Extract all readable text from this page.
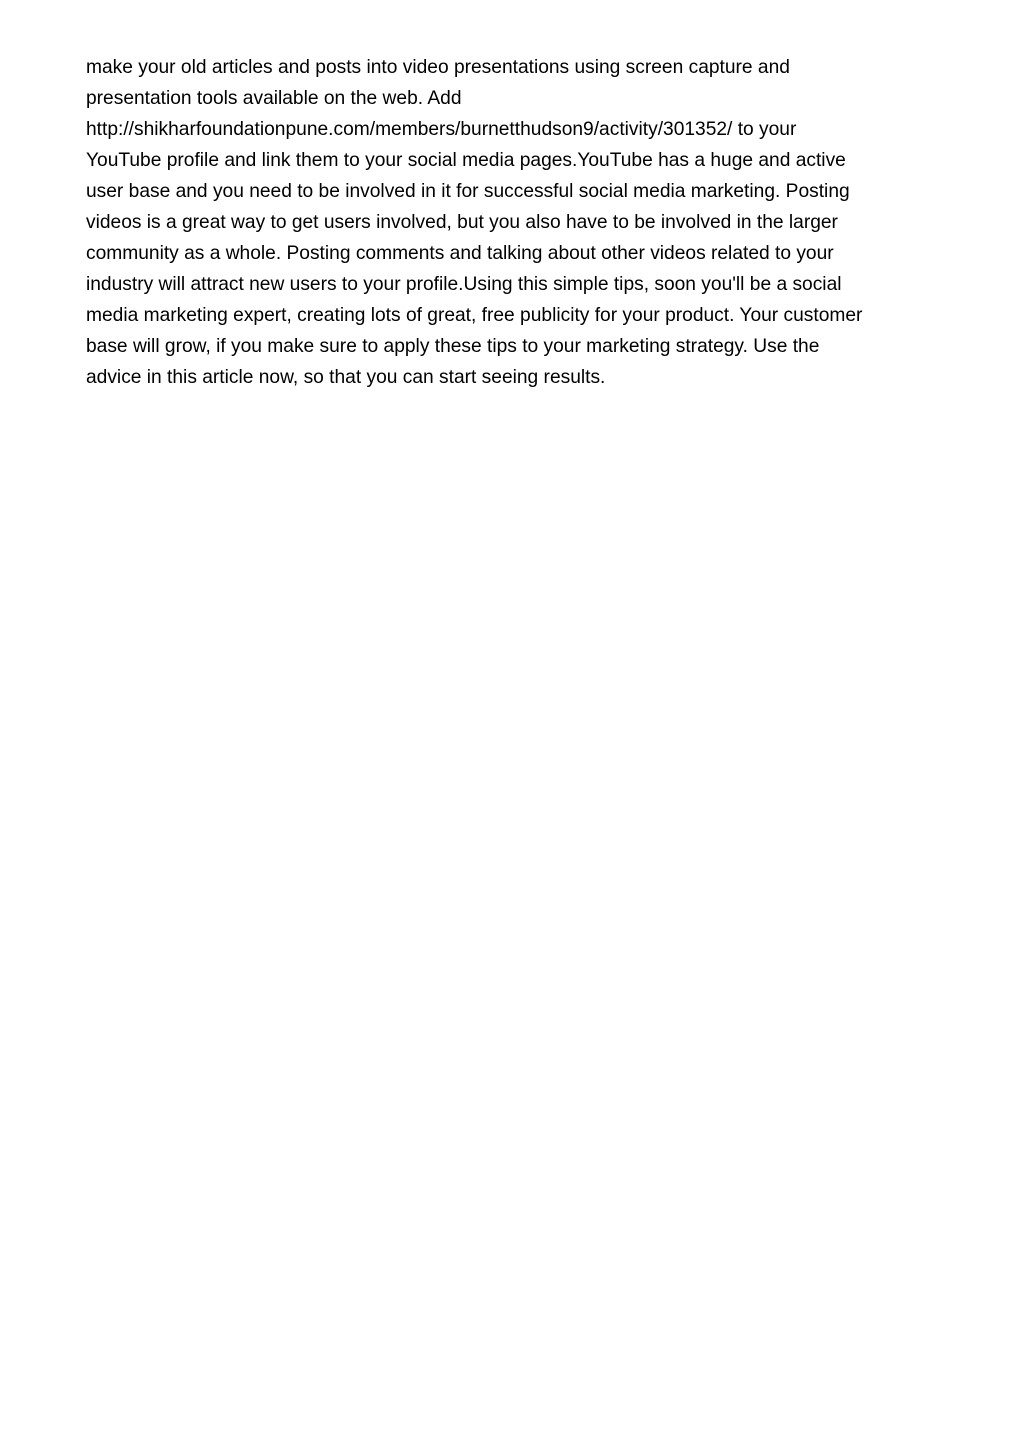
make your old articles and posts into video presentations using screen capture and
presentation tools available on the web. Add
http://shikharfoundationpune.com/members/burnetthudson9/activity/301352/ to your
YouTube profile and link them to your social media pages.YouTube has a huge and active
user base and you need to be involved in it for successful social media marketing. Posting
videos is a great way to get users involved, but you also have to be involved in the larger
community as a whole. Posting comments and talking about other videos related to your
industry will attract new users to your profile.Using this simple tips, soon you'll be a social
media marketing expert, creating lots of great, free publicity for your product. Your customer
base will grow, if you make sure to apply these tips to your marketing strategy. Use the
advice in this article now, so that you can start seeing results.
